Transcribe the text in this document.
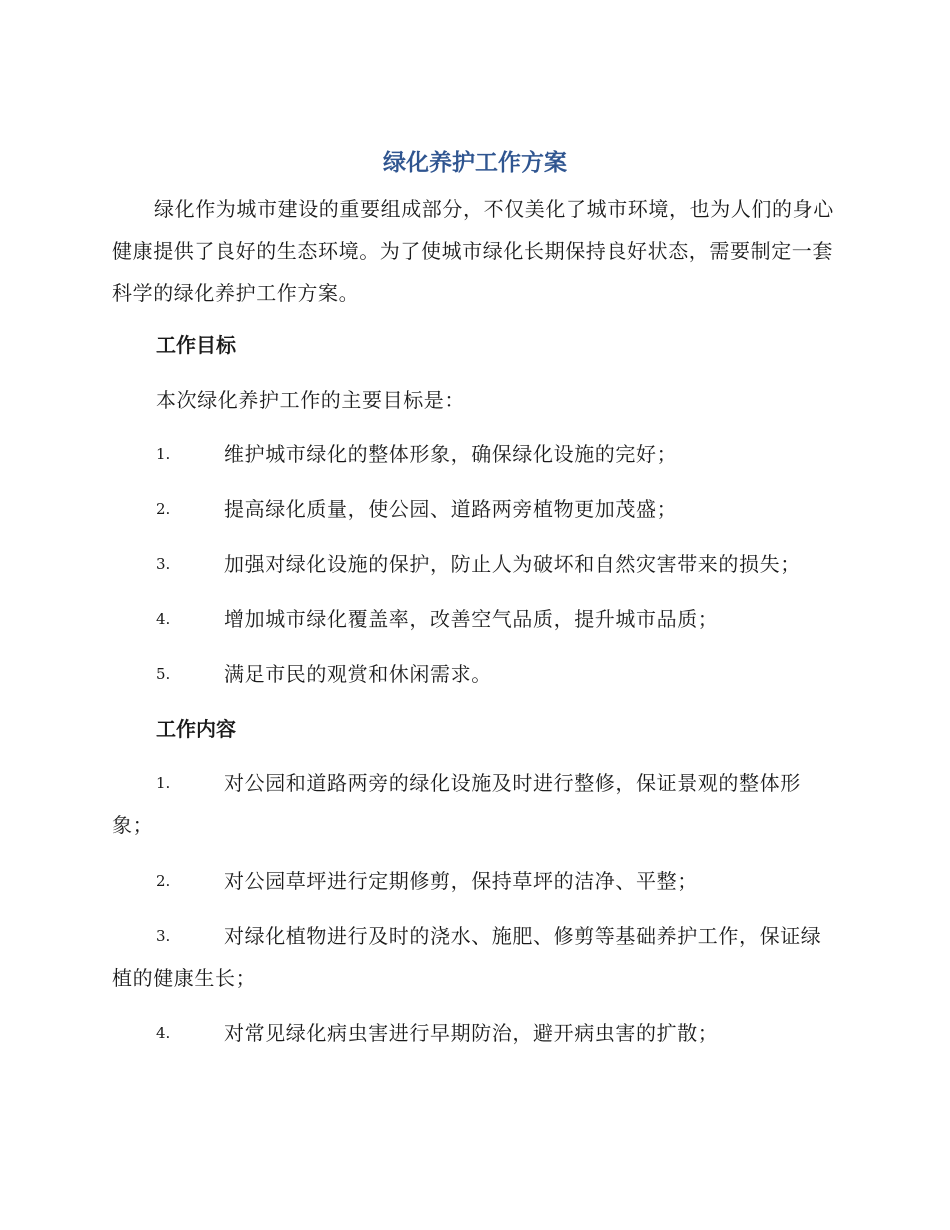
绿化养护工作方案

绿化作为城市建设的重要组成部分，不仅美化了城市环境，也为人们的身心健康提供了良好的生态环境。为了使城市绿化长期保持良好状态，需要制定一套科学的绿化养护工作方案。

工作目标

本次绿化养护工作的主要目标是：

1.	维护城市绿化的整体形象，确保绿化设施的完好；
2.	提高绿化质量，使公园、道路两旁植物更加茂盛；
3.	加强对绿化设施的保护，防止人为破坏和自然灾害带来的损失；
4.	增加城市绿化覆盖率，改善空气品质，提升城市品质；
5.	满足市民的观赏和休闲需求。
工作内容
1.	对公园和道路两旁的绿化设施及时进行整修，保证景观的整体形象；
2.	对公园草坪进行定期修剪，保持草坪的洁净、平整；
3.	对绿化植物进行及时的浇水、施肥、修剪等基础养护工作，保证绿植的健康生长；
4.	对常见绿化病虫害进行早期防治，避开病虫害的扩散；
